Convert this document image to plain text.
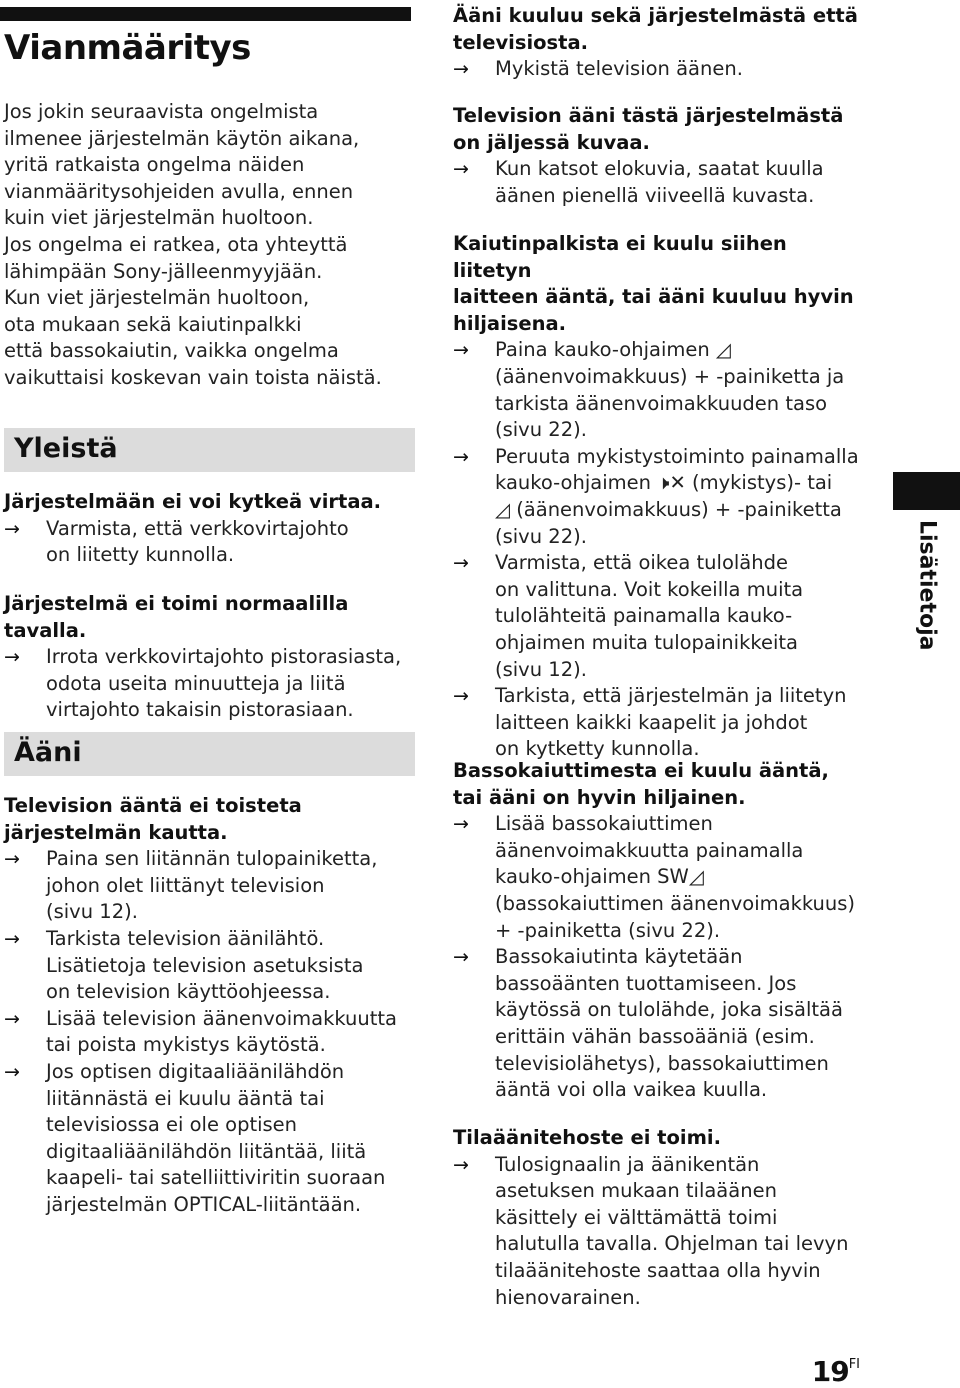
Vianmääritys
Jos jokin seuraavista ongelmista
ilmenee järjestelmän käytön aikana,
yritä ratkaista ongelma näiden
vianmääritysohjeiden avulla, ennen
kuin viet järjestelmän huoltoon.
Jos ongelma ei ratkea, ota yhteyttä
lähimpään Sony-jälleenmyyjään.
Kun viet järjestelmän huoltoon,
ota mukaan sekä kaiutinpalkki
että bassokaiutin, vaikka ongelma
vaikuttaisi koskevan vain toista näistä.
Yleistä
Järjestelmään ei voi kytkeä virtaa.
→	Varmista, että verkkovirtajohto
on liitetty kunnolla.
Järjestelmä ei toimi normaalilla tavalla.
→	Irrota verkkovirtajohto pistorasiasta,
odota useita minuutteja ja liitä
virtajohto takaisin pistorasiaan.
Ääni
Television ääntä ei toisteta
järjestelmän kautta.
→	Paina sen liitännän tulopainiketta,
johon olet liittänyt television
(sivu 12).
→	Tarkista television äänilähtö.
Lisätietoja television asetuksista
on television käyttöohjeessa.
→	Lisää television äänenvoimakkuutta
tai poista mykistys käytöstä.
→	Jos optisen digitaaliäänilähdön
liitännästä ei kuulu ääntä tai
televisiossa ei ole optisen
digitaaliäänilähdön liitäntää, liitä
kaapeli- tai satelliittiviritin suoraan
järjestelmän OPTICAL-liitäntään.
Ääni kuuluu sekä järjestelmästä että
televisiosta.
→	Mykistä television äänen.
Television ääni tästä järjestelmästä
on jäljessä kuvaa.
→	Kun katsot elokuvia, saatat kuulla
äänen pienellä viiveellä kuvasta.
Kaiutinpalkista ei kuulu siihen liitetyn
laitteen ääntä, tai ääni kuuluu hyvin
hiljaisena.
→	Paina kauko-ohjaimen ◿
(äänenvoimakkuus) + -painiketta ja
tarkista äänenvoimakkuuden taso
(sivu 22).
→	Peruuta mykistystoiminto painamalla
kauko-ohjaimen 🕨✕ (mykistys)- tai
◿ (äänenvoimakkuus) + -painiketta
(sivu 22).
→	Varmista, että oikea tulolähde
on valittuna. Voit kokeilla muita
tulolähteitä painamalla kauko-
ohjaimen muita tulopainikkeita
(sivu 12).
→	Tarkista, että järjestelmän ja liitetyn
laitteen kaikki kaapelit ja johdot
on kytketty kunnolla.
Bassokaiuttimesta ei kuulu ääntä,
tai ääni on hyvin hiljainen.
→	Lisää bassokaiuttimen
äänenvoimakkuutta painamalla
kauko-ohjaimen SW◿
(bassokaiuttimen äänenvoimakkuus)
+ -painiketta (sivu 22).
→	Bassokaiutinta käytetään
bassoäänten tuottamiseen. Jos
käytössä on tulolähde, joka sisältää
erittäin vähän bassoääniä (esim.
televisiolähetys), bassokaiuttimen
ääntä voi olla vaikea kuulla.
Tilaäänitehoste ei toimi.
→	Tulosignaalin ja äänikentän
asetuksen mukaan tilaäänen
käsittely ei välttämättä toimi
halutulla tavalla. Ohjelman tai levyn
tilaäänitehoste saattaa olla hyvin
hienovarainen.
Lisätietoja
$19^{FI}$
